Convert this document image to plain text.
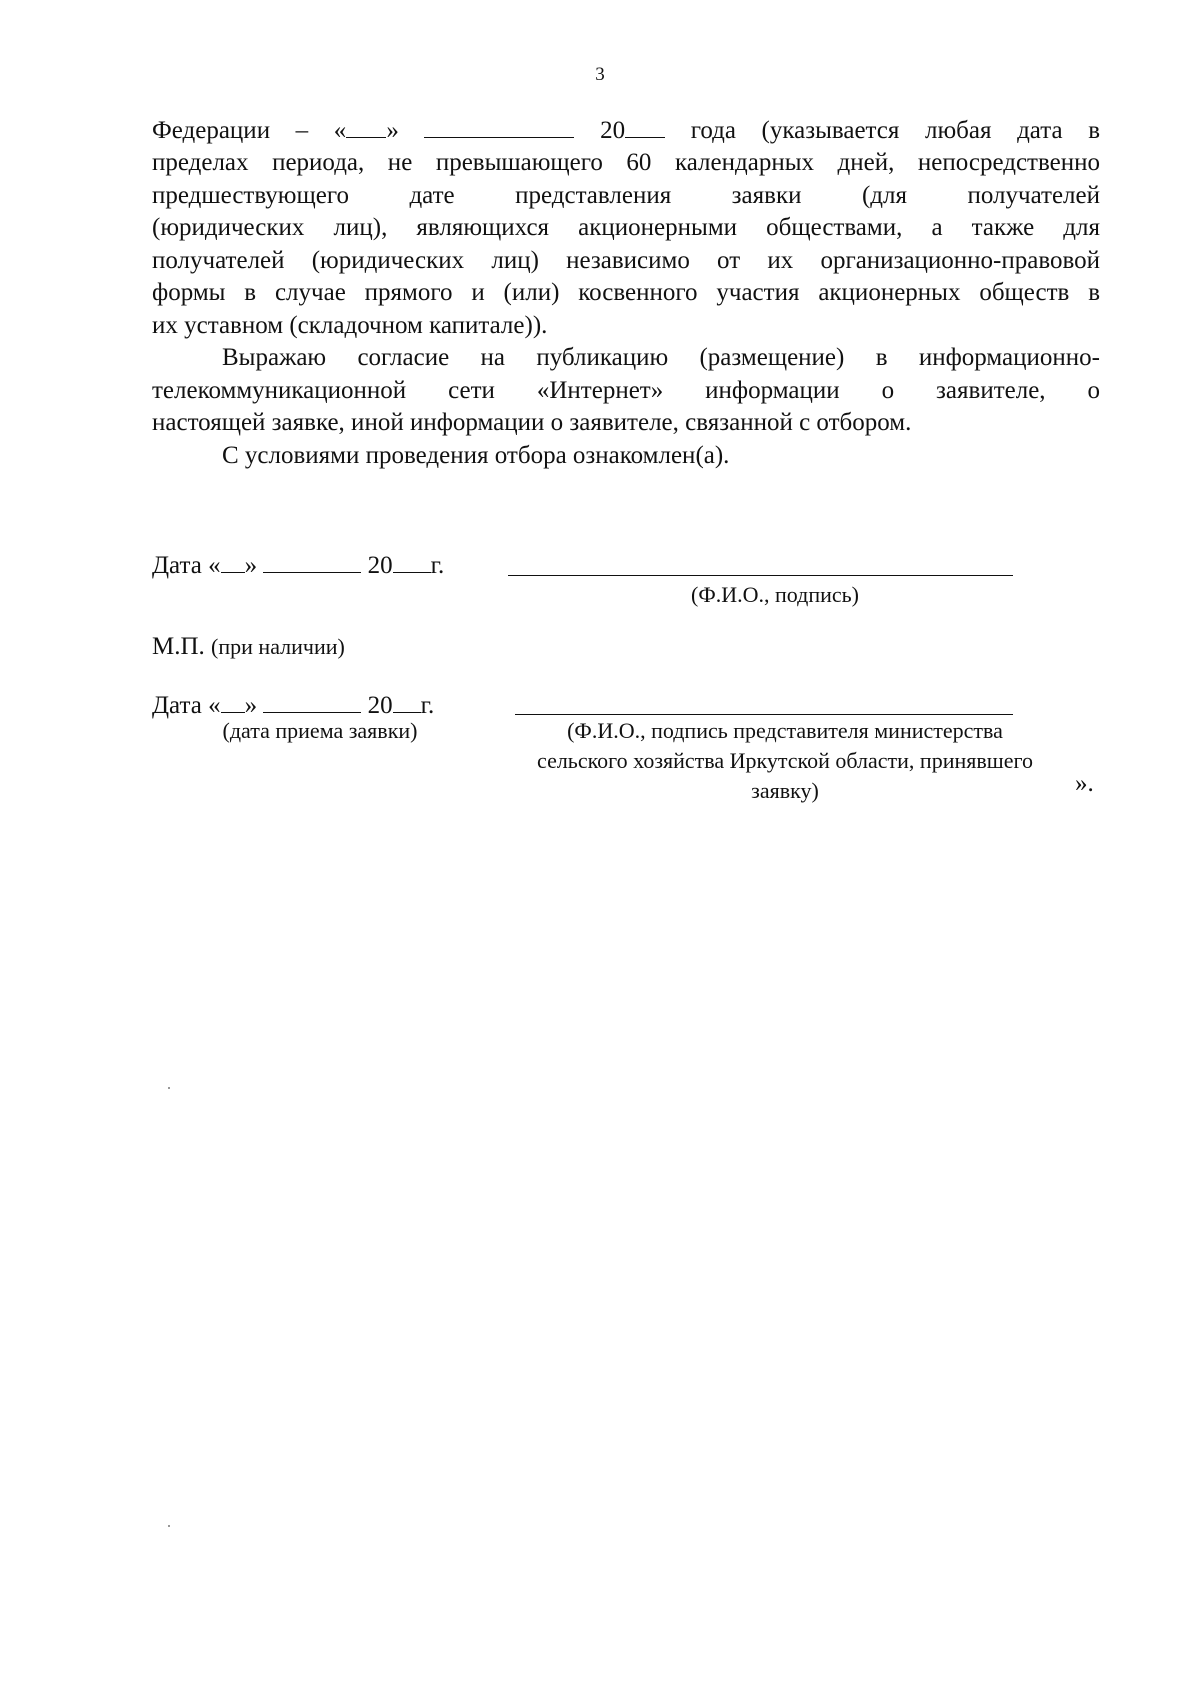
3
Федерации – « »	20	года (указывается любая дата в
пределах периода, не превышающего 60 календарных дней, непосредственно
предшествующего дате представления заявки (для получателей
(юридических лиц), являющихся акционерными обществами, а также для
получателей (юридических лиц) независимо от их организационно-правовой
формы в случае прямого и (или) косвенного участия акционерных обществ в
их уставном (складочном капитале)).
Выражаю согласие на публикацию (размещение) в информационно-
телекоммуникационной сети «Интернет» информации о заявителе, о
настоящей заявке, иной информации о заявителе, связанной с отбором.
С условиями проведения отбора ознакомлен(а).
Дата « »	20 г.
(Ф.И.О., подпись)
М.П. (при наличии)
Дата « »	20 г.
(дата приема заявки)	(Ф.И.О., подпись представителя министерства
сельского хозяйства Иркутской области, принявшего
заявку)	».
